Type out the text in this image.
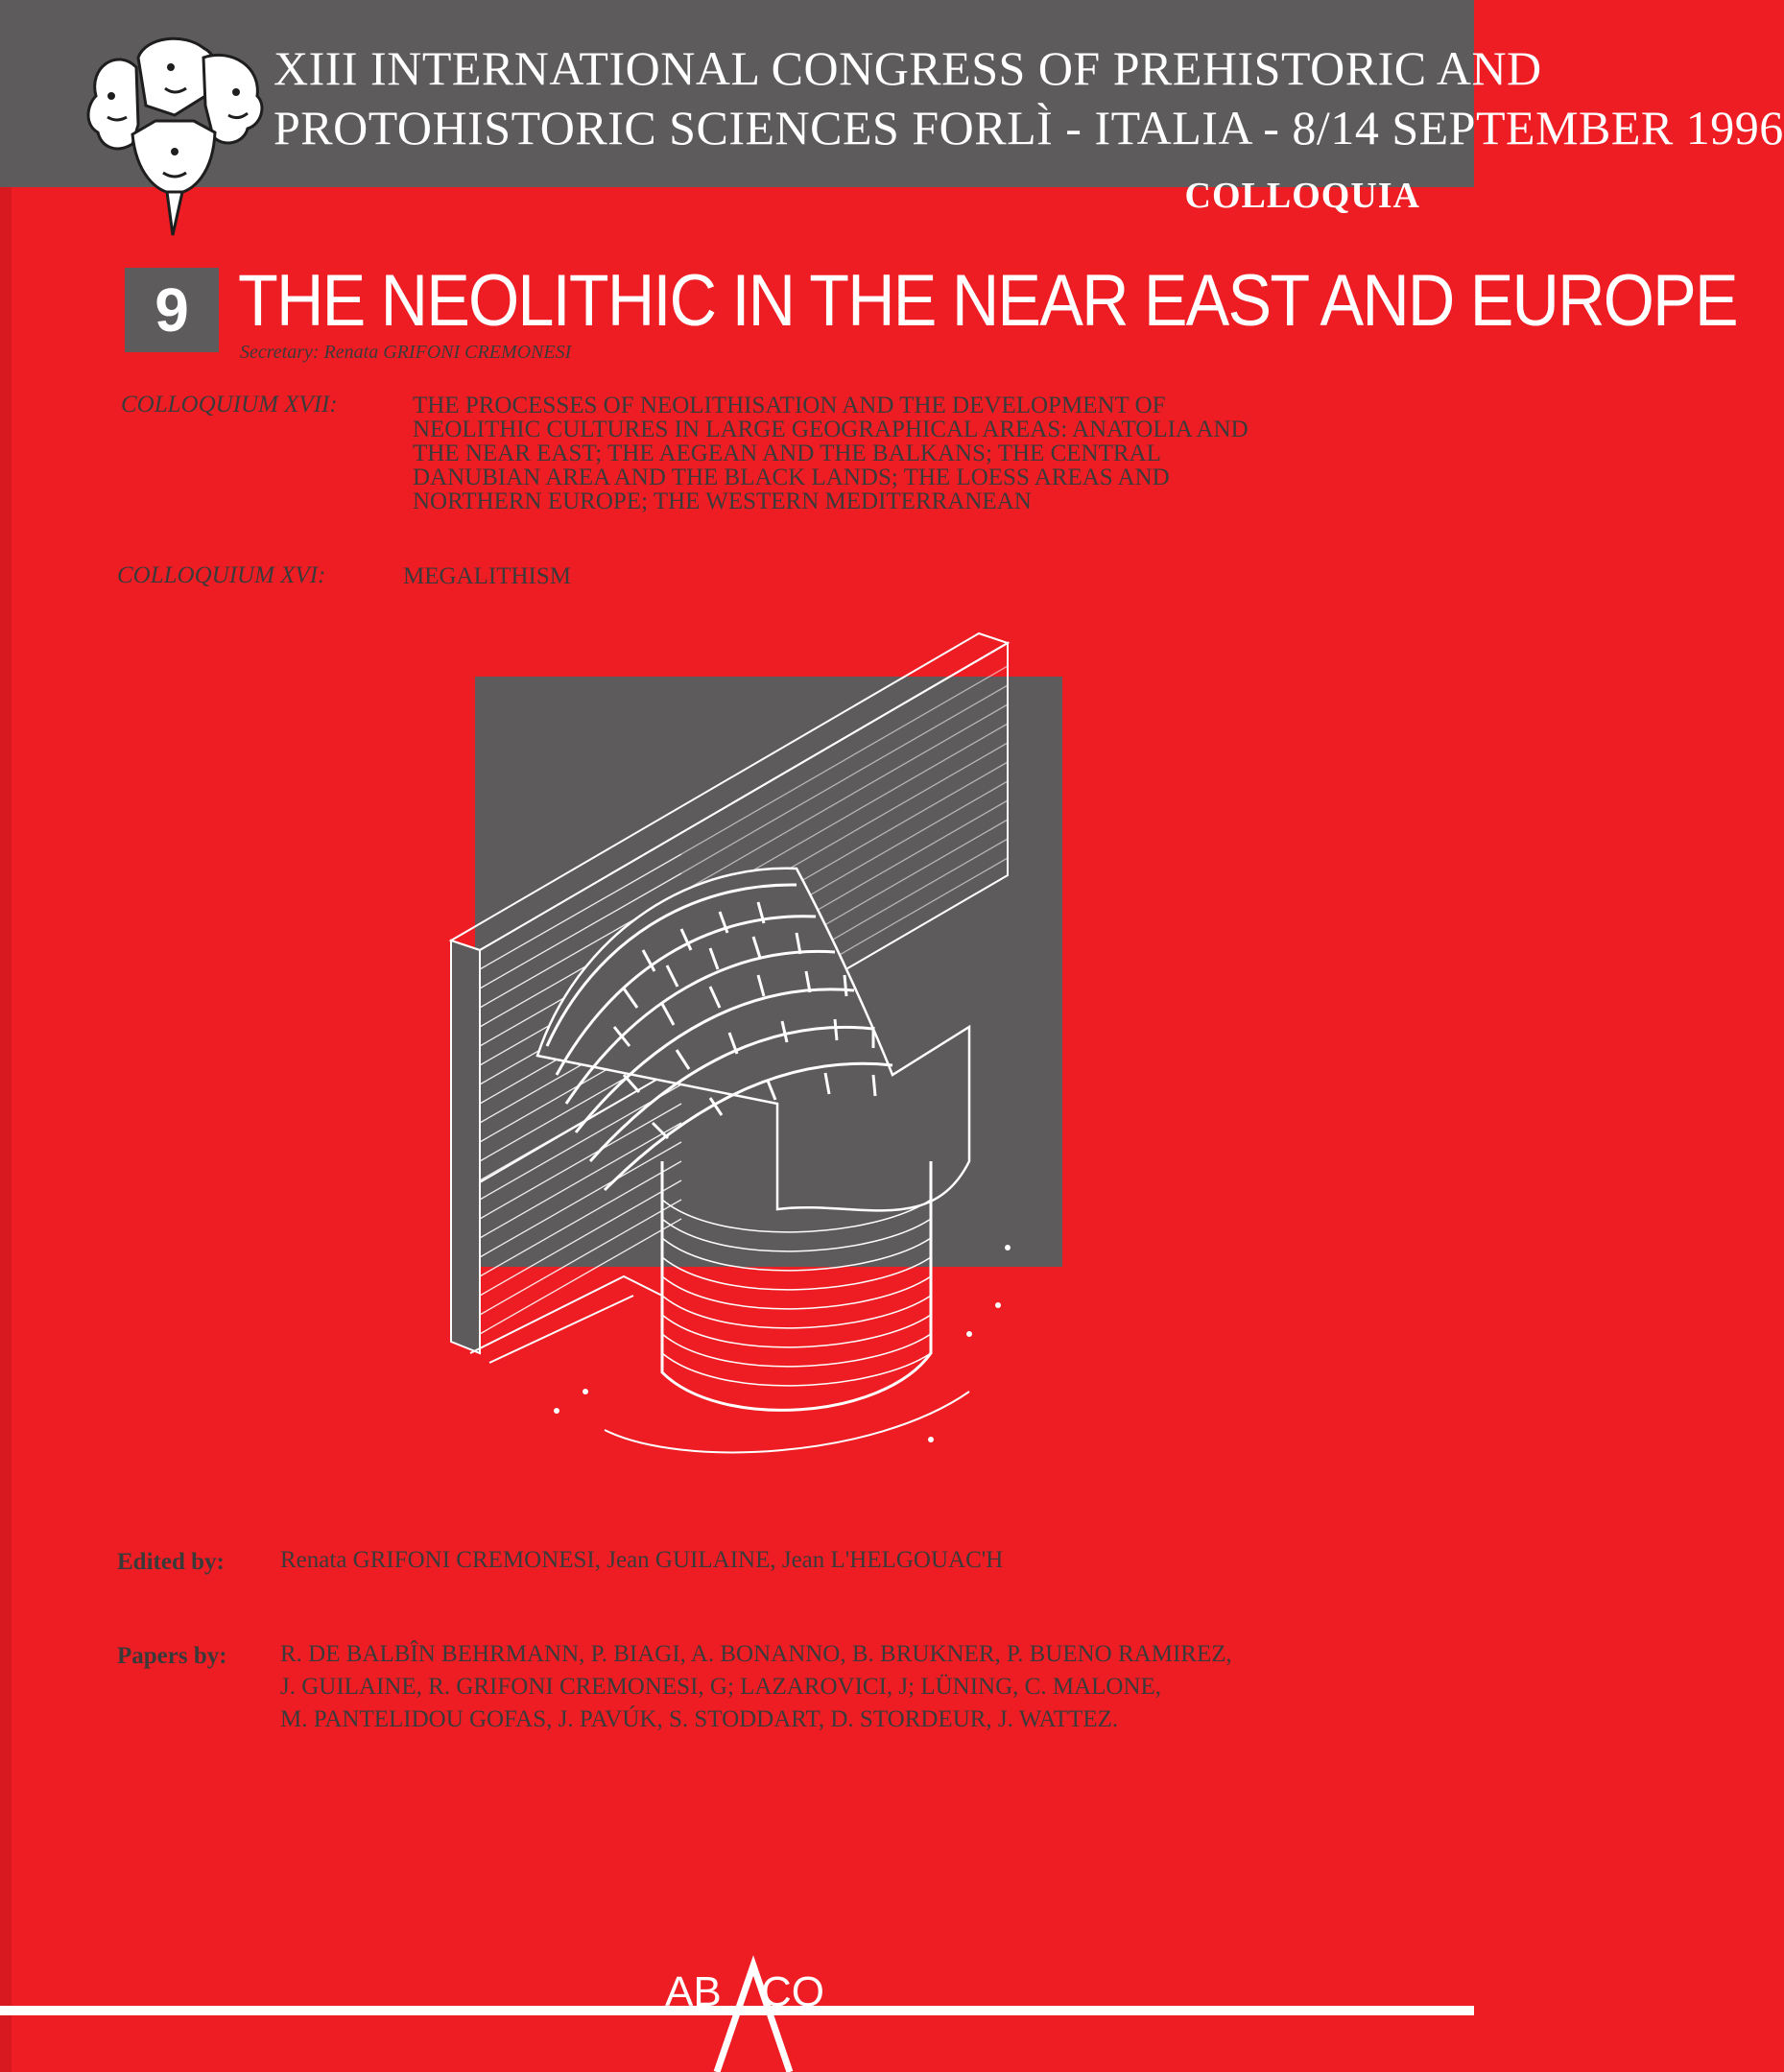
XIII INTERNATIONAL CONGRESS OF PREHISTORIC AND
PROTOHISTORIC SCIENCES FORLÌ - ITALIA - 8/14 SEPTEMBER 1996
COLLOQUIA
9 THE NEOLITHIC IN THE NEAR EAST AND EUROPE
Secretary: Renata GRIFONI CREMONESI
COLLOQUIUM XVII:	THE PROCESSES OF NEOLITHISATION AND THE DEVELOPMENT OF
NEOLITHIC CULTURES IN LARGE GEOGRAPHICAL AREAS: ANATOLIA AND
THE NEAR EAST; THE AEGEAN AND THE BALKANS; THE CENTRAL
DANUBIAN AREA AND THE BLACK LANDS; THE LOESS AREAS AND
NORTHERN EUROPE; THE WESTERN MEDITERRANEAN
COLLOQUIUM XVI:	MEGALITHISM
Edited by: Renata GRIFONI CREMONESI, Jean GUILAINE, Jean L'HELGOUAC'H
Papers by: R. DE BALBÎN BEHRMANN, P. BIAGI, A. BONANNO, B. BRUKNER, P. BUENO RAMIREZ,
J. GUILAINE, R. GRIFONI CREMONESI, G; LAZAROVICI, J; LÜNING, C. MALONE,
M. PANTELIDOU GOFAS, J. PAVÚK, S. STODDART, D. STORDEUR, J. WATTEZ.
AB CO
